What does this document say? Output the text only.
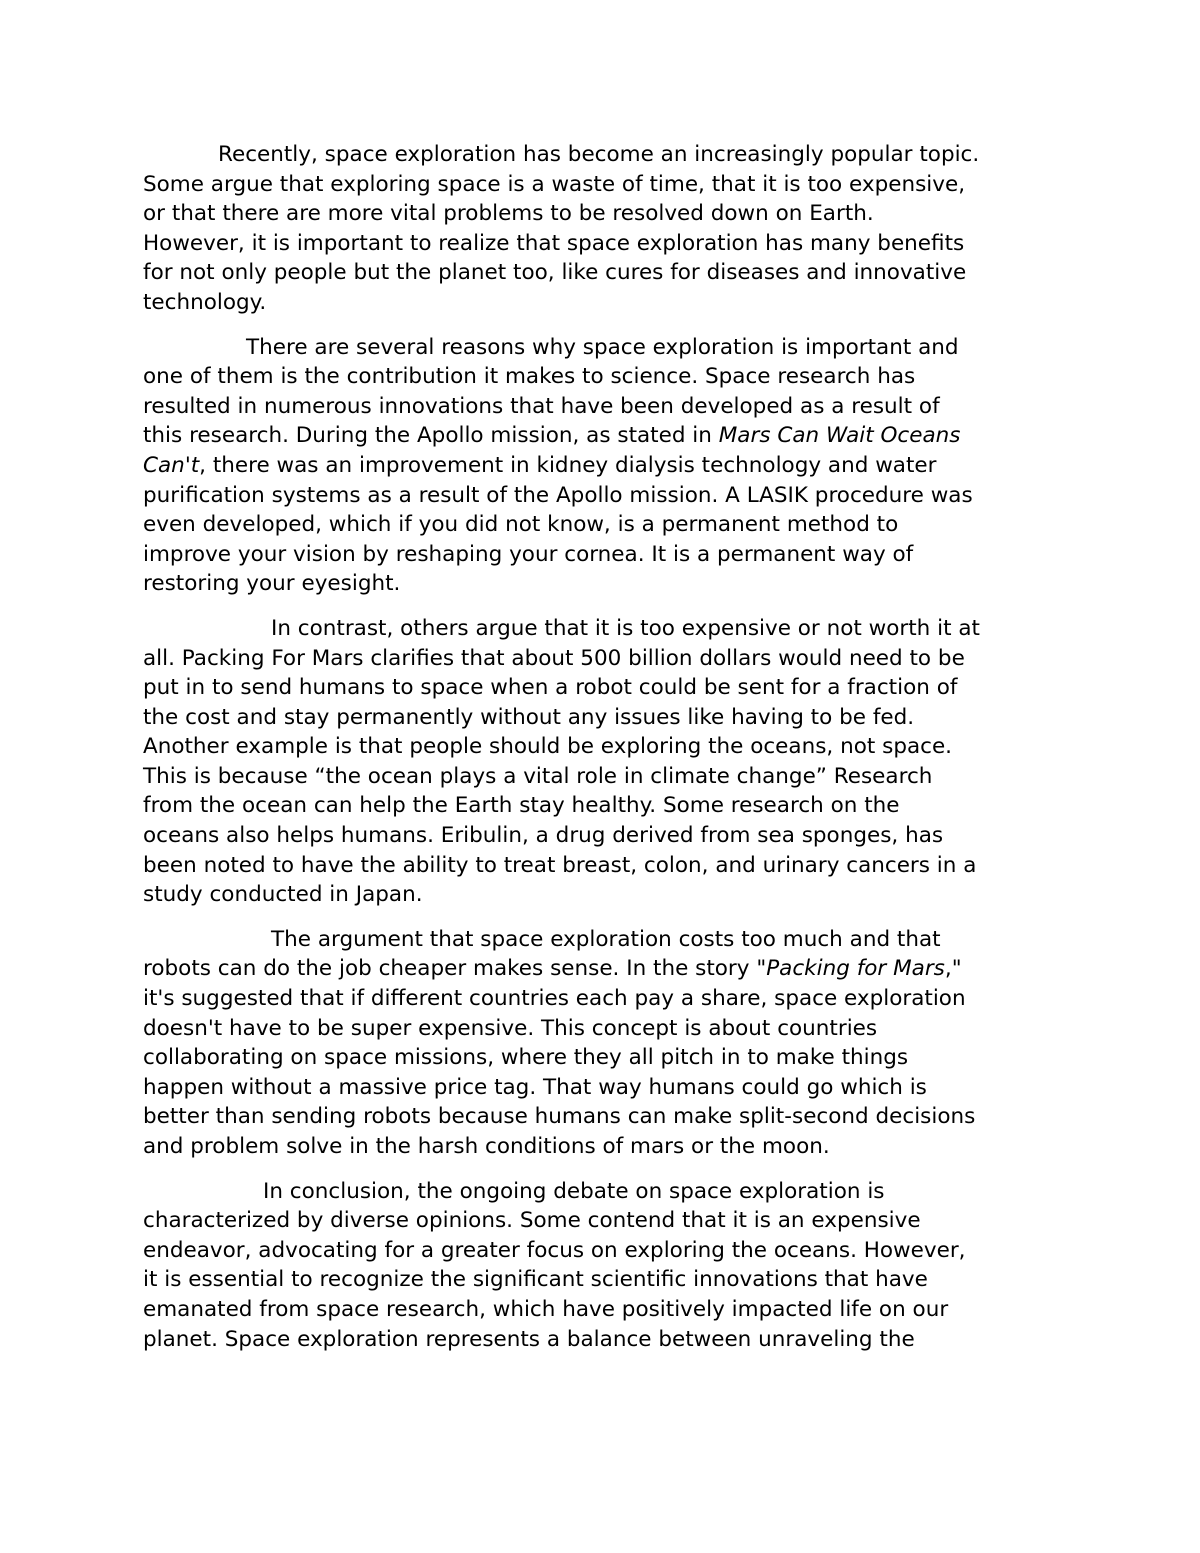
Recently, space exploration has become an increasingly popular topic.
Some argue that exploring space is a waste of time, that it is too expensive,
or that there are more vital problems to be resolved down on Earth.
However, it is important to realize that space exploration has many benefits
for not only people but the planet too, like cures for diseases and innovative
technology.

There are several reasons why space exploration is important and
one of them is the contribution it makes to science. Space research has
resulted in numerous innovations that have been developed as a result of
this research. During the Apollo mission, as stated in Mars Can Wait Oceans
Can't, there was an improvement in kidney dialysis technology and water
purification systems as a result of the Apollo mission. A LASIK procedure was
even developed, which if you did not know, is a permanent method to
improve your vision by reshaping your cornea. It is a permanent way of
restoring your eyesight.

In contrast, others argue that it is too expensive or not worth it at
all. Packing For Mars clarifies that about 500 billion dollars would need to be
put in to send humans to space when a robot could be sent for a fraction of
the cost and stay permanently without any issues like having to be fed.
Another example is that people should be exploring the oceans, not space.
This is because “the ocean plays a vital role in climate change” Research
from the ocean can help the Earth stay healthy. Some research on the
oceans also helps humans. Eribulin, a drug derived from sea sponges, has
been noted to have the ability to treat breast, colon, and urinary cancers in a
study conducted in Japan.

The argument that space exploration costs too much and that
robots can do the job cheaper makes sense. In the story "Packing for Mars,"
it's suggested that if different countries each pay a share, space exploration
doesn't have to be super expensive. This concept is about countries
collaborating on space missions, where they all pitch in to make things
happen without a massive price tag. That way humans could go which is
better than sending robots because humans can make split-second decisions
and problem solve in the harsh conditions of mars or the moon.

In conclusion, the ongoing debate on space exploration is
characterized by diverse opinions. Some contend that it is an expensive
endeavor, advocating for a greater focus on exploring the oceans. However,
it is essential to recognize the significant scientific innovations that have
emanated from space research, which have positively impacted life on our
planet. Space exploration represents a balance between unraveling the
